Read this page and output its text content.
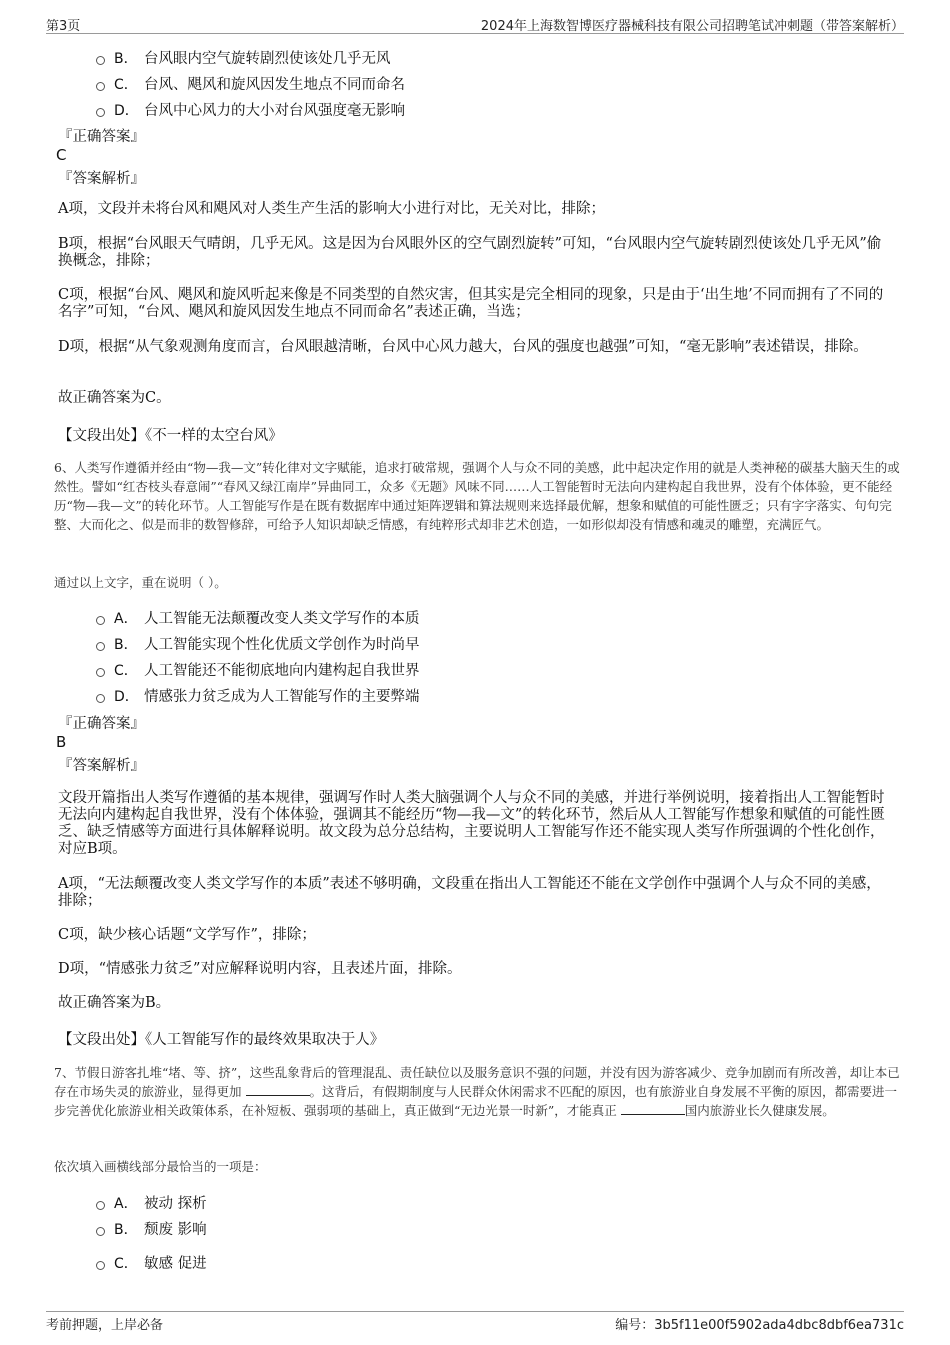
第3页	2024年上海数智博医疗器械科技有限公司招聘笔试冲刺题（带答案解析）
B． 台风眼内空气旋转剧烈使该处几乎无风
C． 台风、飓风和旋风因发生地点不同而命名
D． 台风中心风力的大小对台风强度毫无影响
『正确答案』
C
『答案解析』
A项，文段并未将台风和飓风对人类生产生活的影响大小进行对比，无关对比，排除；
B项，根据“台风眼天气晴朗，几乎无风。这是因为台风眼外区的空气剧烈旋转”可知，“台风眼内空气旋转剧烈使该处几乎无风”偷换概念，排除；
C项，根据“台风、飓风和旋风听起来像是不同类型的自然灾害，但其实是完全相同的现象，只是由于‘出生地’不同而拥有了不同的名字”可知，“台风、飓风和旋风因发生地点不同而命名”表述正确，当选；
D项，根据“从气象观测角度而言，台风眼越清晰，台风中心风力越大，台风的强度也越强”可知，“毫无影响”表述错误，排除。
故正确答案为C。
【文段出处】《不一样的太空台风》
6、人类写作遵循并经由“物—我—文”转化律对文字赋能，追求打破常规，强调个人与众不同的美感，此中起决定作用的就是人类神秘的碳基大脑天生的或然性。譬如“红杏枝头春意闹”“春风又绿江南岸”异曲同工，众多《无题》风味不同……人工智能暂时无法向内建构起自我世界，没有个体体验，更不能经历“物—我—文”的转化环节。人工智能写作是在既有数据库中通过矩阵逻辑和算法规则来选择最优解，想象和赋值的可能性匮乏；只有字字落实、句句完整、大而化之、似是而非的数智修辞，可给予人知识却缺乏情感，有纯粹形式却非艺术创造，一如形似却没有情感和魂灵的雕塑，充满匠气。
通过以上文字，重在说明（ ）。
A． 人工智能无法颠覆改变人类文学写作的本质
B． 人工智能实现个性化优质文学创作为时尚早
C． 人工智能还不能彻底地向内建构起自我世界
D． 情感张力贫乏成为人工智能写作的主要弊端
『正确答案』
B
『答案解析』
文段开篇指出人类写作遵循的基本规律，强调写作时人类大脑强调个人与众不同的美感，并进行举例说明，接着指出人工智能暂时无法向内建构起自我世界，没有个体体验，强调其不能经历“物—我—文”的转化环节，然后从人工智能写作想象和赋值的可能性匮乏、缺乏情感等方面进行具体解释说明。故文段为总分总结构，主要说明人工智能写作还不能实现人类写作所强调的个性化创作，对应B项。
A项，“无法颠覆改变人类文学写作的本质”表述不够明确，文段重在指出人工智能还不能在文学创作中强调个人与众不同的美感，排除；
C项，缺少核心话题“文学写作”，排除；
D项，“情感张力贫乏”对应解释说明内容，且表述片面，排除。
故正确答案为B。
【文段出处】《人工智能写作的最终效果取决于人》
7、节假日游客扎堆“堵、等、挤”，这些乱象背后的管理混乱、责任缺位以及服务意识不强的问题，并没有因为游客减少、竞争加剧而有所改善，却让本已存在市场失灵的旅游业，显得更加	。这背后，有假期制度与人民群众休闲需求不匹配的原因，也有旅游业自身发展不平衡的原因，都需要进一步完善优化旅游业相关政策体系，在补短板、强弱项的基础上，真正做到“无边光景一时新”，才能真正	国内旅游业长久健康发展。
依次填入画横线部分最恰当的一项是：
A． 被动 探析
B． 颓废 影响
C． 敏感 促进
考前押题，上岸必备	编号：3b5f11e00f5902ada4dbc8dbf6ea731c
